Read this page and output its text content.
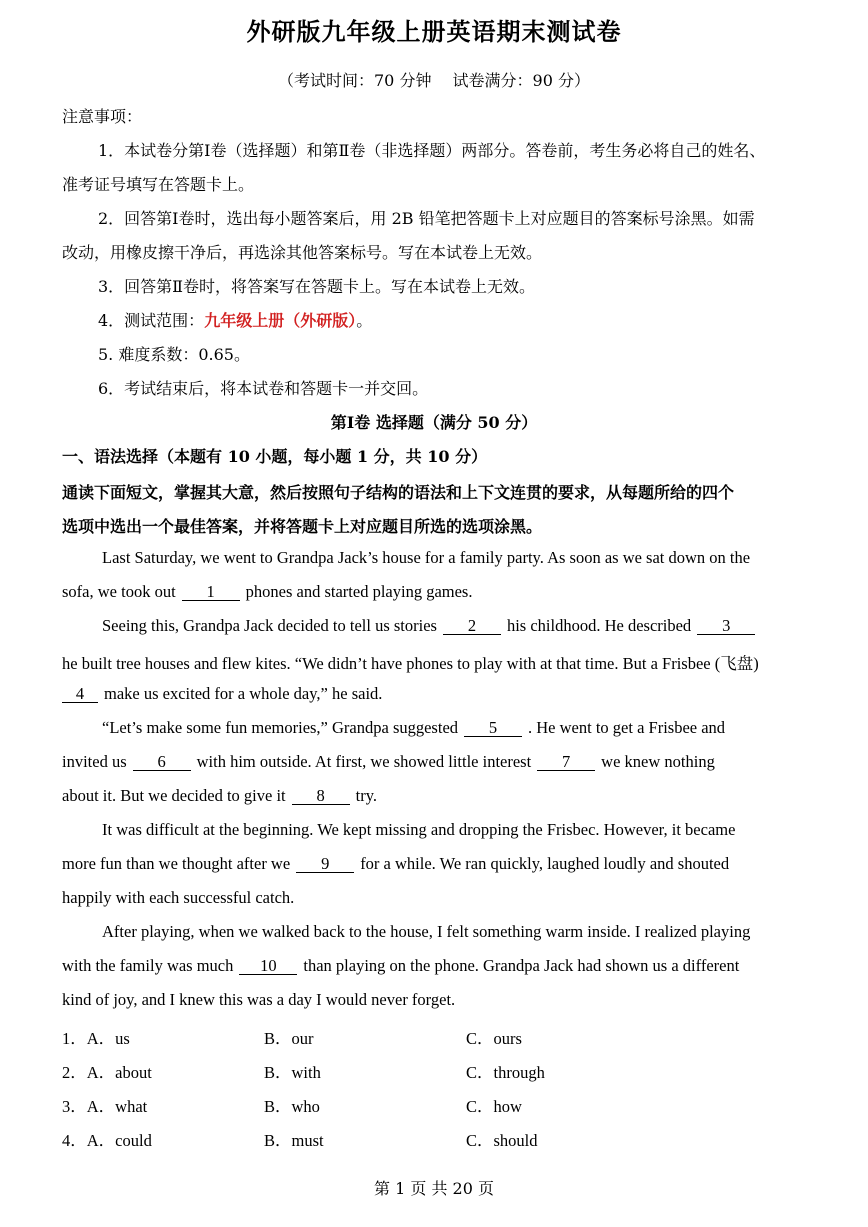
外研版九年级上册英语期末测试卷
（考试时间：70 分钟　 试卷满分：90 分）
注意事项：
1．本试卷分第Ⅰ卷（选择题）和第Ⅱ卷（非选择题）两部分。答卷前，考生务必将自己的姓名、
准考证号填写在答题卡上。
2．回答第Ⅰ卷时，选出每小题答案后，用 2B 铅笔把答题卡上对应题目的答案标号涂黑。如需
改动，用橡皮擦干净后，再选涂其他答案标号。写在本试卷上无效。
3．回答第Ⅱ卷时，将答案写在答题卡上。写在本试卷上无效。
4．测试范围：九年级上册（外研版）。
5. 难度系数：0.65。
6．考试结束后，将本试卷和答题卡一并交回。
第Ⅰ卷 选择题（满分 50 分）
一、语法选择（本题有 10 小题，每小题 1 分，共 10 分）
通读下面短文，掌握其大意，然后按照句子结构的语法和上下文连贯的要求，从每题所给的四个
选项中选出一个最佳答案，并将答题卡上对应题目所选的选项涂黑。
Last Saturday, we went to Grandpa Jack’s house for a family party. As soon as we sat down on the
sofa, we took out 1 phones and started playing games.
Seeing this, Grandpa Jack decided to tell us stories 2 his childhood. He described 3
he built tree houses and flew kites. “We didn’t have phones to play with at that time. But a Frisbee (飞盘)
4 make us excited for a whole day,” he said.
“Let’s make some fun memories,” Grandpa suggested 5 . He went to get a Frisbee and
invited us 6 with him outside. At first, we showed little interest 7 we knew nothing
about it. But we decided to give it 8 try.
It was difficult at the beginning. We kept missing and dropping the Frisbec. However, it became
more fun than we thought after we 9 for a while. We ran quickly, laughed loudly and shouted
happily with each successful catch.
After playing, when we walked back to the house, I felt something warm inside. I realized playing
with the family was much 10 than playing on the phone. Grandpa Jack had shown us a different
kind of joy, and I knew this was a day I would never forget.
1．A．us	B．our	C．ours
2．A．about	B．with	C．through
3．A．what	B．who	C．how
4．A．could	B．must	C．should
第 1 页 共 20 页
